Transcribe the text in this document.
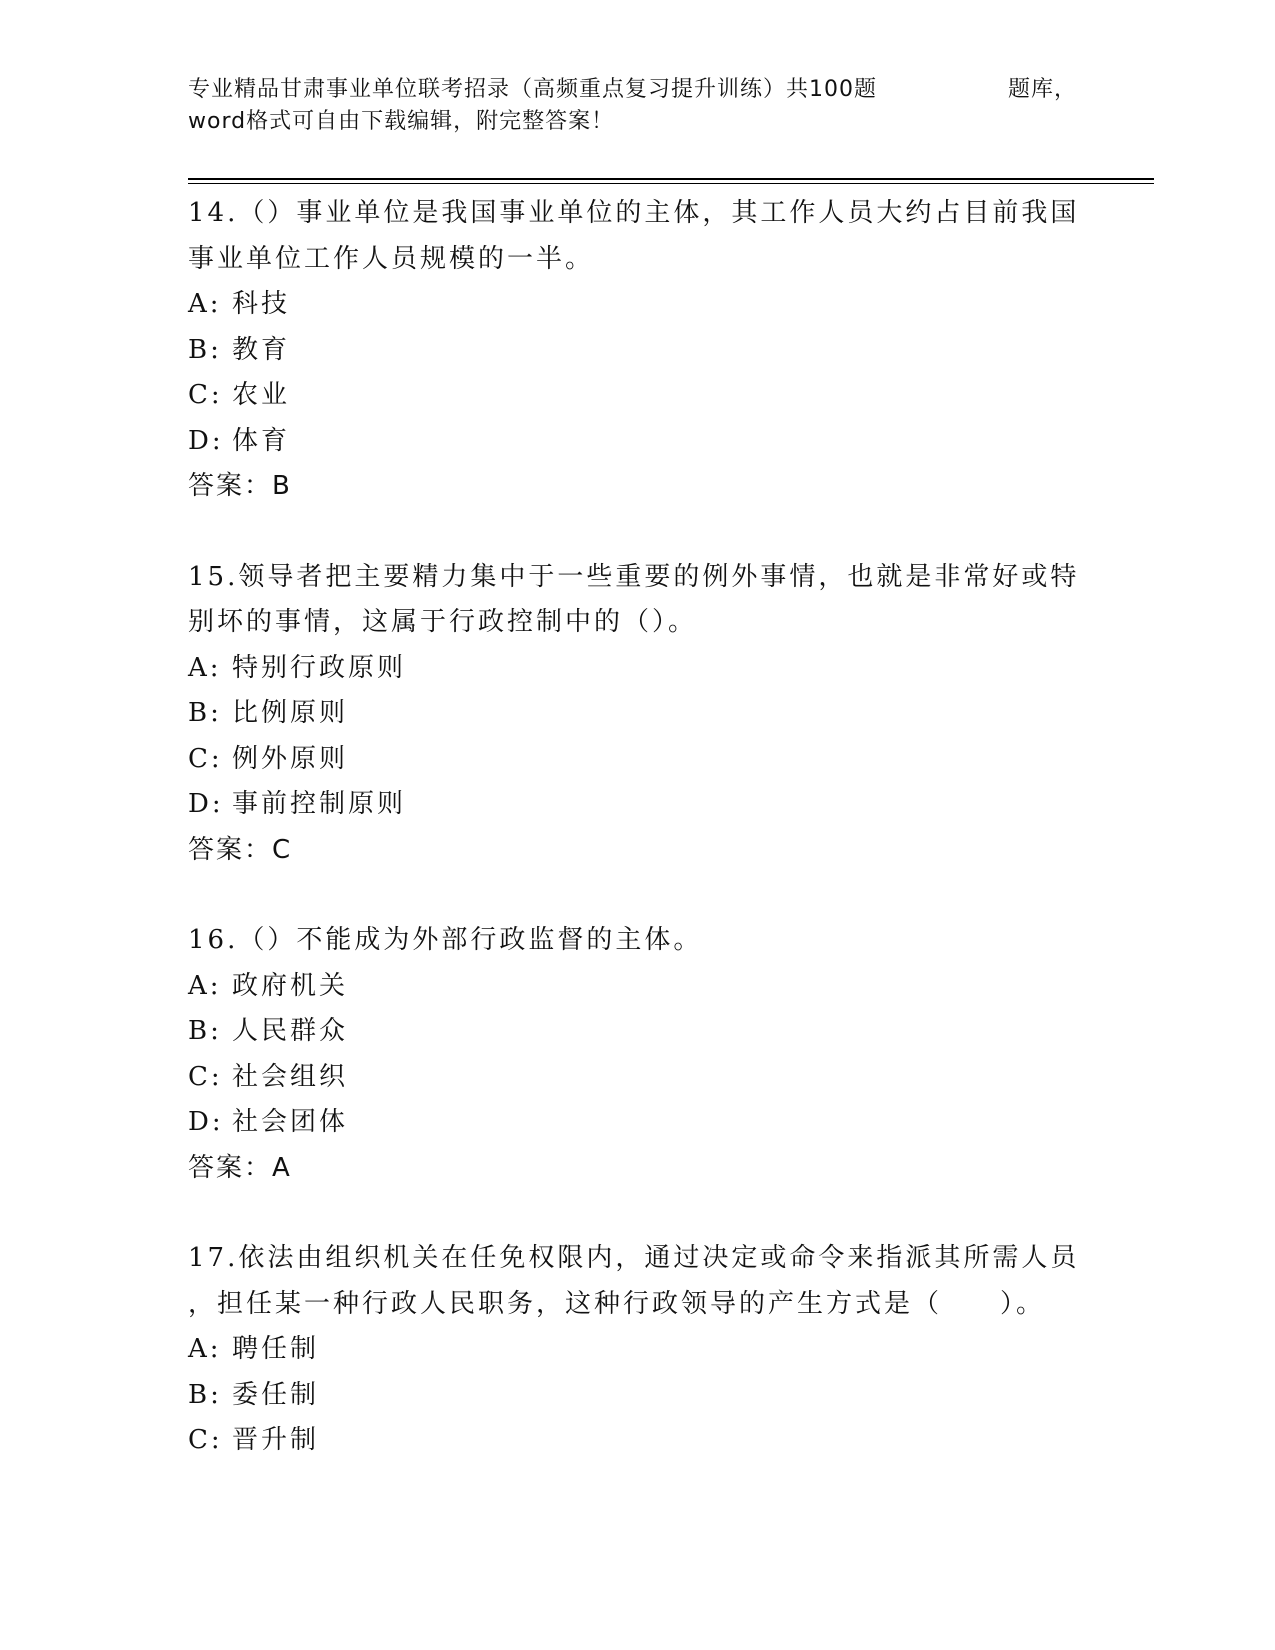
专业精品甘肃事业单位联考招录（高频重点复习提升训练）共100题	题库，
word格式可自由下载编辑，附完整答案！
14.（）事业单位是我国事业单位的主体，其工作人员大约占目前我国
事业单位工作人员规模的一半。
A: 科技
B: 教育
C: 农业
D: 体育
答案：B
15.领导者把主要精力集中于一些重要的例外事情，也就是非常好或特
别坏的事情，这属于行政控制中的（）。
A: 特别行政原则
B: 比例原则
C: 例外原则
D: 事前控制原则
答案：C
16.（）不能成为外部行政监督的主体。
A: 政府机关
B: 人民群众
C: 社会组织
D: 社会团体
答案：A
17.依法由组织机关在任免权限内，通过决定或命令来指派其所需人员
，担任某一种行政人民职务，这种行政领导的产生方式是（　　）。
A: 聘任制
B: 委任制
C: 晋升制
